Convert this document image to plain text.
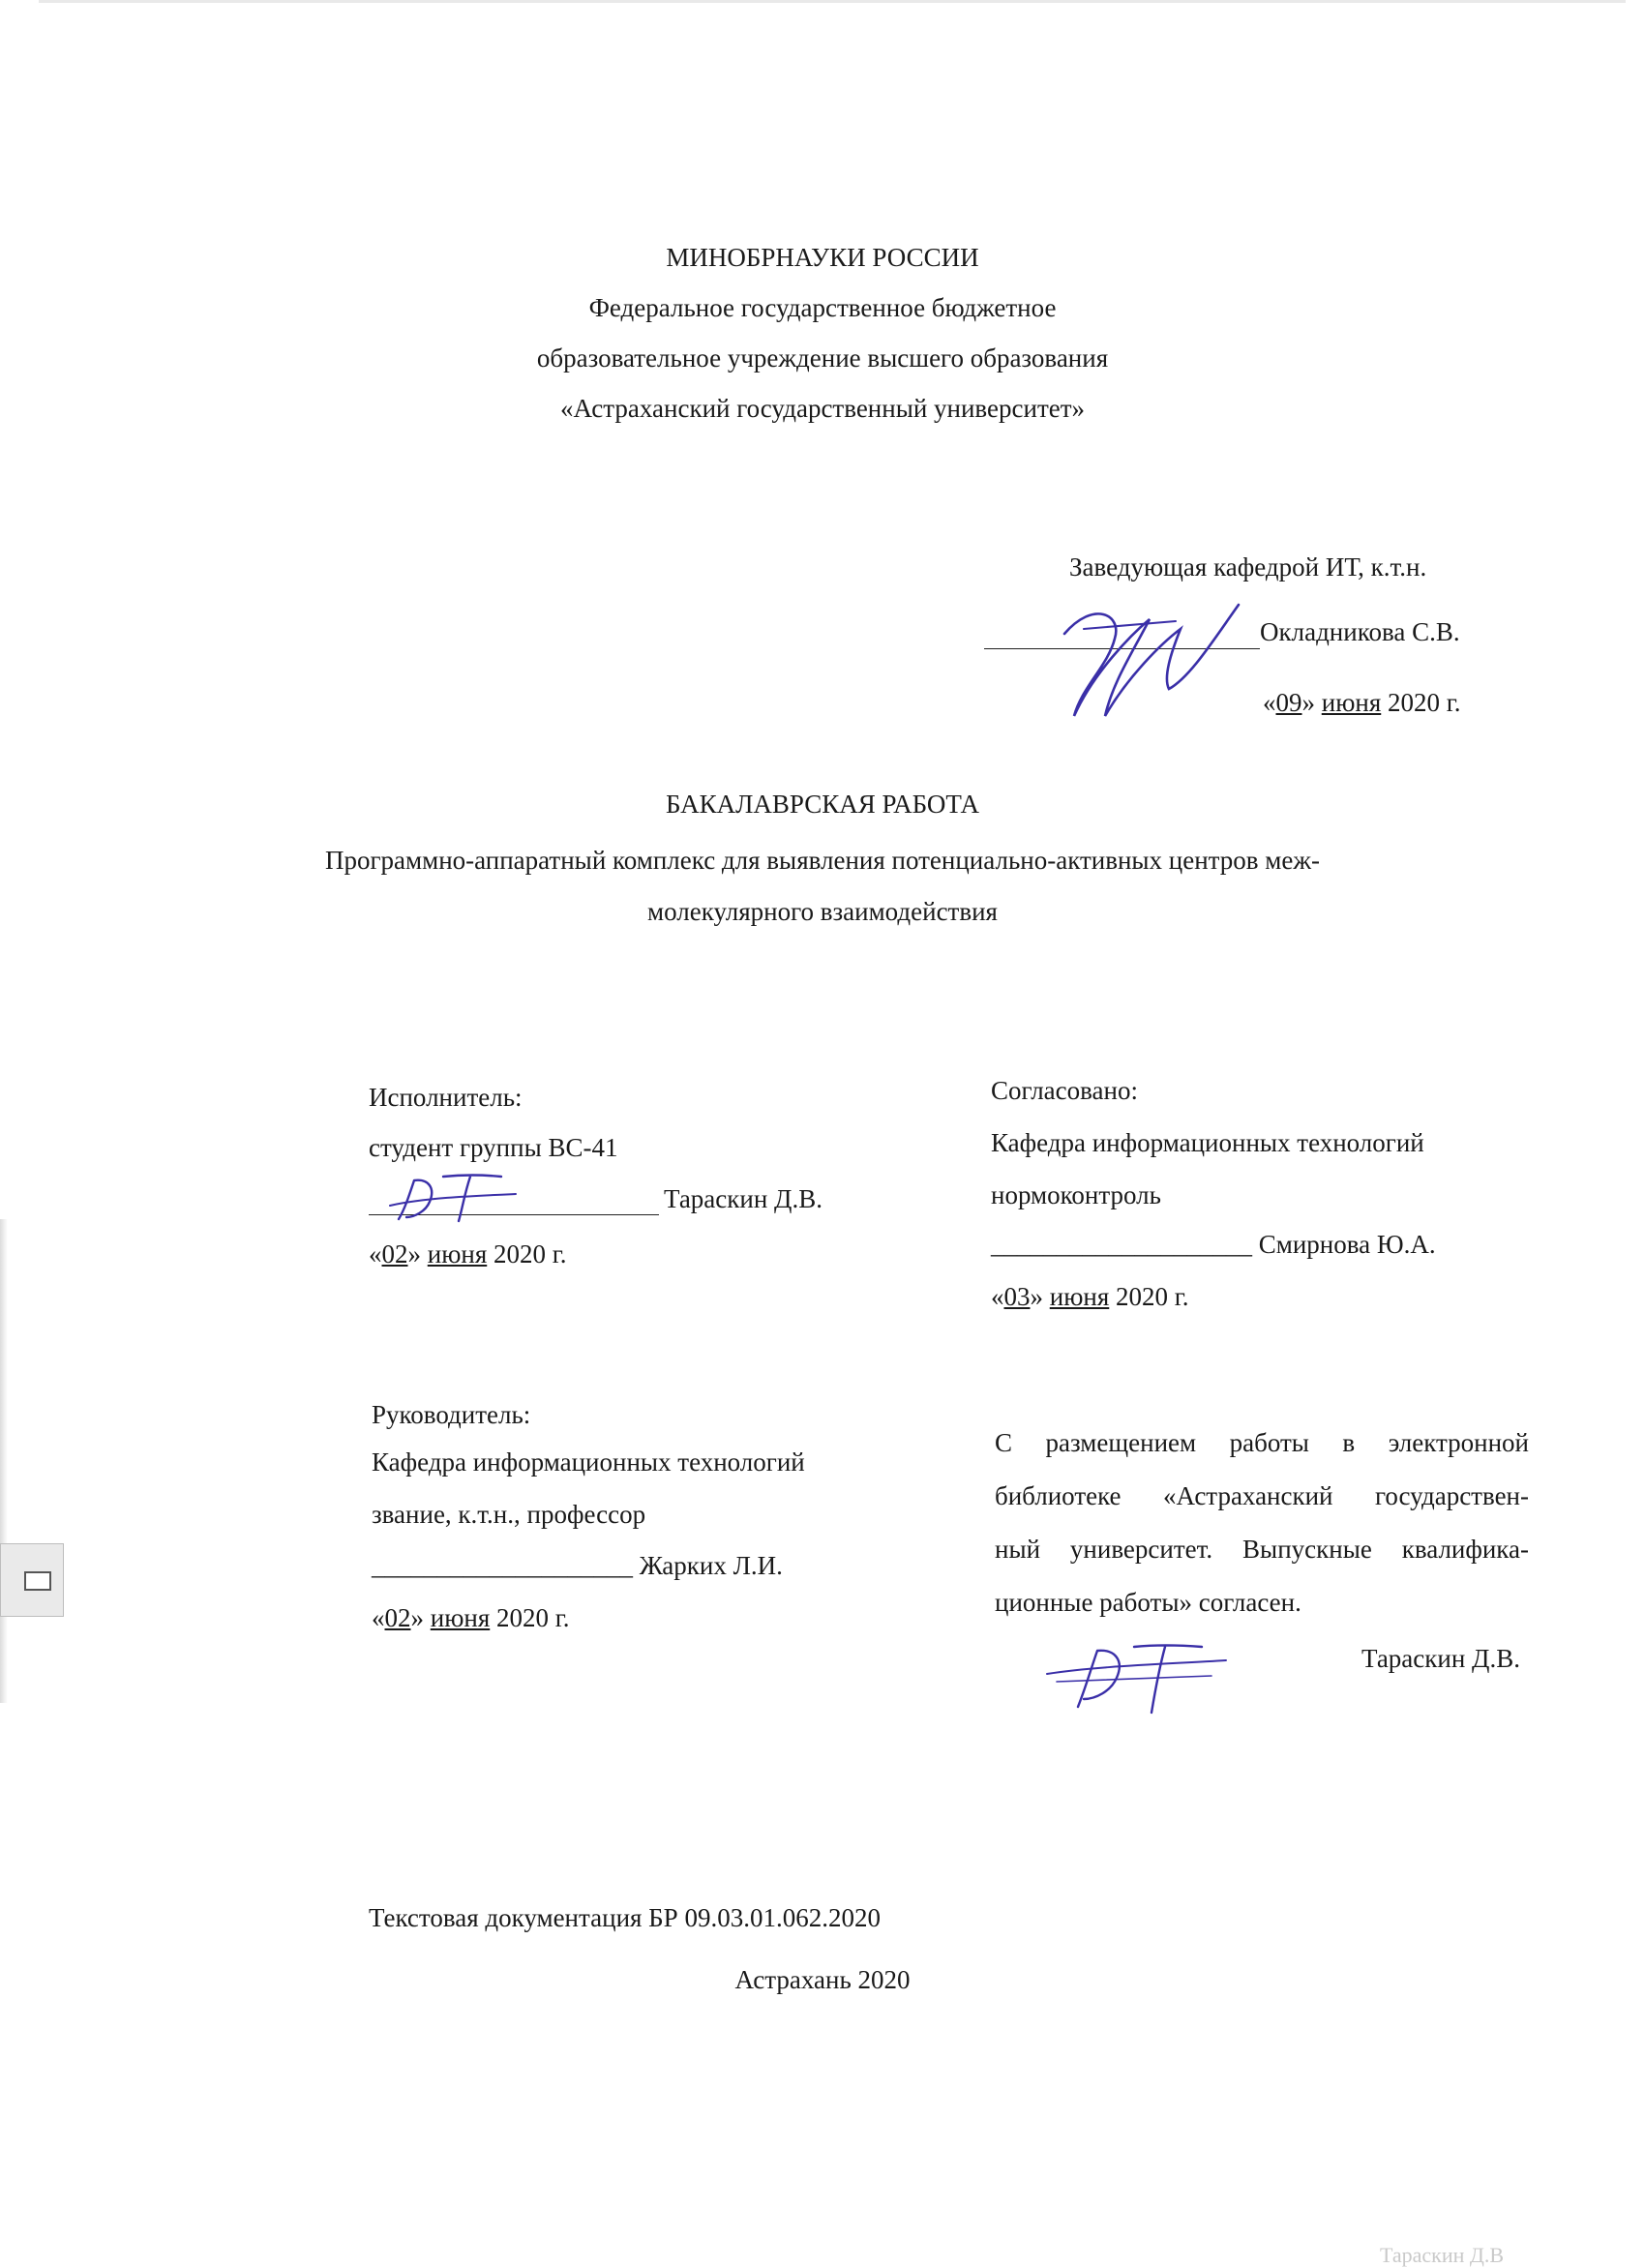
Тараскин Д.В
МИНОБРНАУКИ РОССИИ
Федеральное государственное бюджетное
образовательное учреждение высшего образования
«Астраханский государственный университет»
Заведующая кафедрой ИТ, к.т.н.
Окладникова С.В.
«09» июня 2020 г.
БАКАЛАВРСКАЯ РАБОТА
Программно-аппаратный комплекс для выявления потенциально-активных центров меж-
молекулярного взаимодействия
Исполнитель:
студент группы ВС-41
Тараскин Д.В.
«02» июня 2020 г.
Согласовано:
Кафедра информационных технологий
нормоконтроль
____________________ Смирнова Ю.А.
«03» июня 2020 г.
Руководитель:
Кафедра информационных технологий
звание, к.т.н., профессор
____________________ Жарких Л.И.
«02» июня 2020 г.
С размещением работы в электронной
библиотеке «Астраханский государствен-
ный университет. Выпускные квалифика-
ционные работы» согласен.
Тараскин Д.В.
Текстовая документация БР 09.03.01.062.2020
Астрахань 2020
